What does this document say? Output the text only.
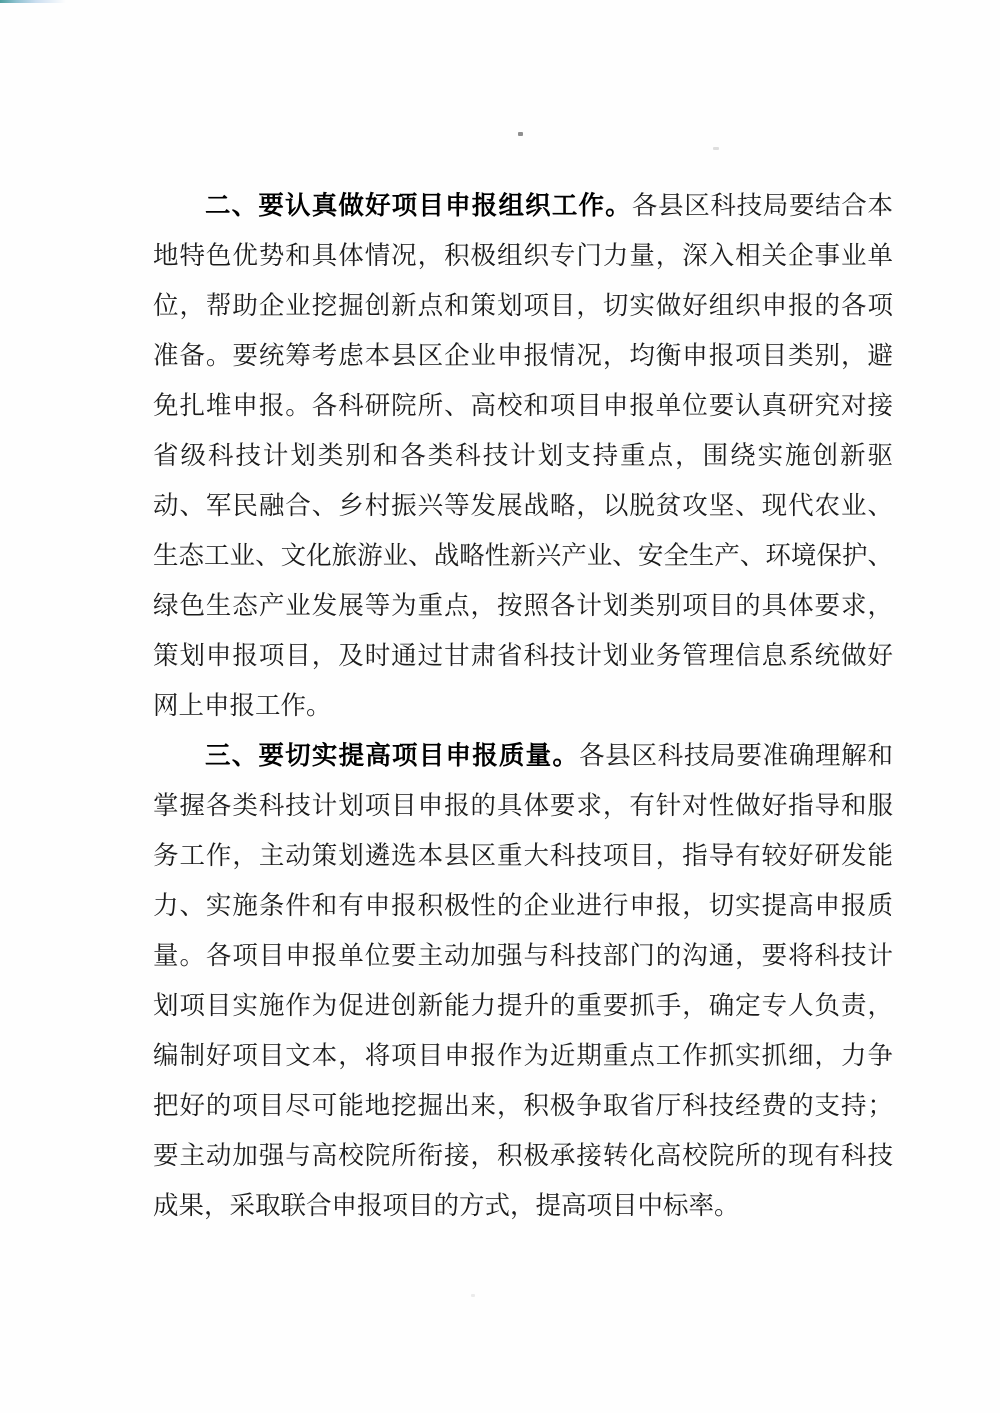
二、要认真做好项目申报组织工作。各县区科技局要结合本
地特色优势和具体情况，积极组织专门力量，深入相关企事业单
位，帮助企业挖掘创新点和策划项目，切实做好组织申报的各项
准备。要统筹考虑本县区企业申报情况，均衡申报项目类别，避
免扎堆申报。各科研院所、高校和项目申报单位要认真研究对接
省级科技计划类别和各类科技计划支持重点，围绕实施创新驱
动、军民融合、乡村振兴等发展战略，以脱贫攻坚、现代农业、
生态工业、文化旅游业、战略性新兴产业、安全生产、环境保护、
绿色生态产业发展等为重点，按照各计划类别项目的具体要求，
策划申报项目，及时通过甘肃省科技计划业务管理信息系统做好
网上申报工作。
三、要切实提高项目申报质量。各县区科技局要准确理解和
掌握各类科技计划项目申报的具体要求，有针对性做好指导和服
务工作，主动策划遴选本县区重大科技项目，指导有较好研发能
力、实施条件和有申报积极性的企业进行申报，切实提高申报质
量。各项目申报单位要主动加强与科技部门的沟通，要将科技计
划项目实施作为促进创新能力提升的重要抓手，确定专人负责，
编制好项目文本，将项目申报作为近期重点工作抓实抓细，力争
把好的项目尽可能地挖掘出来，积极争取省厅科技经费的支持；
要主动加强与高校院所衔接，积极承接转化高校院所的现有科技
成果，采取联合申报项目的方式，提高项目中标率。
